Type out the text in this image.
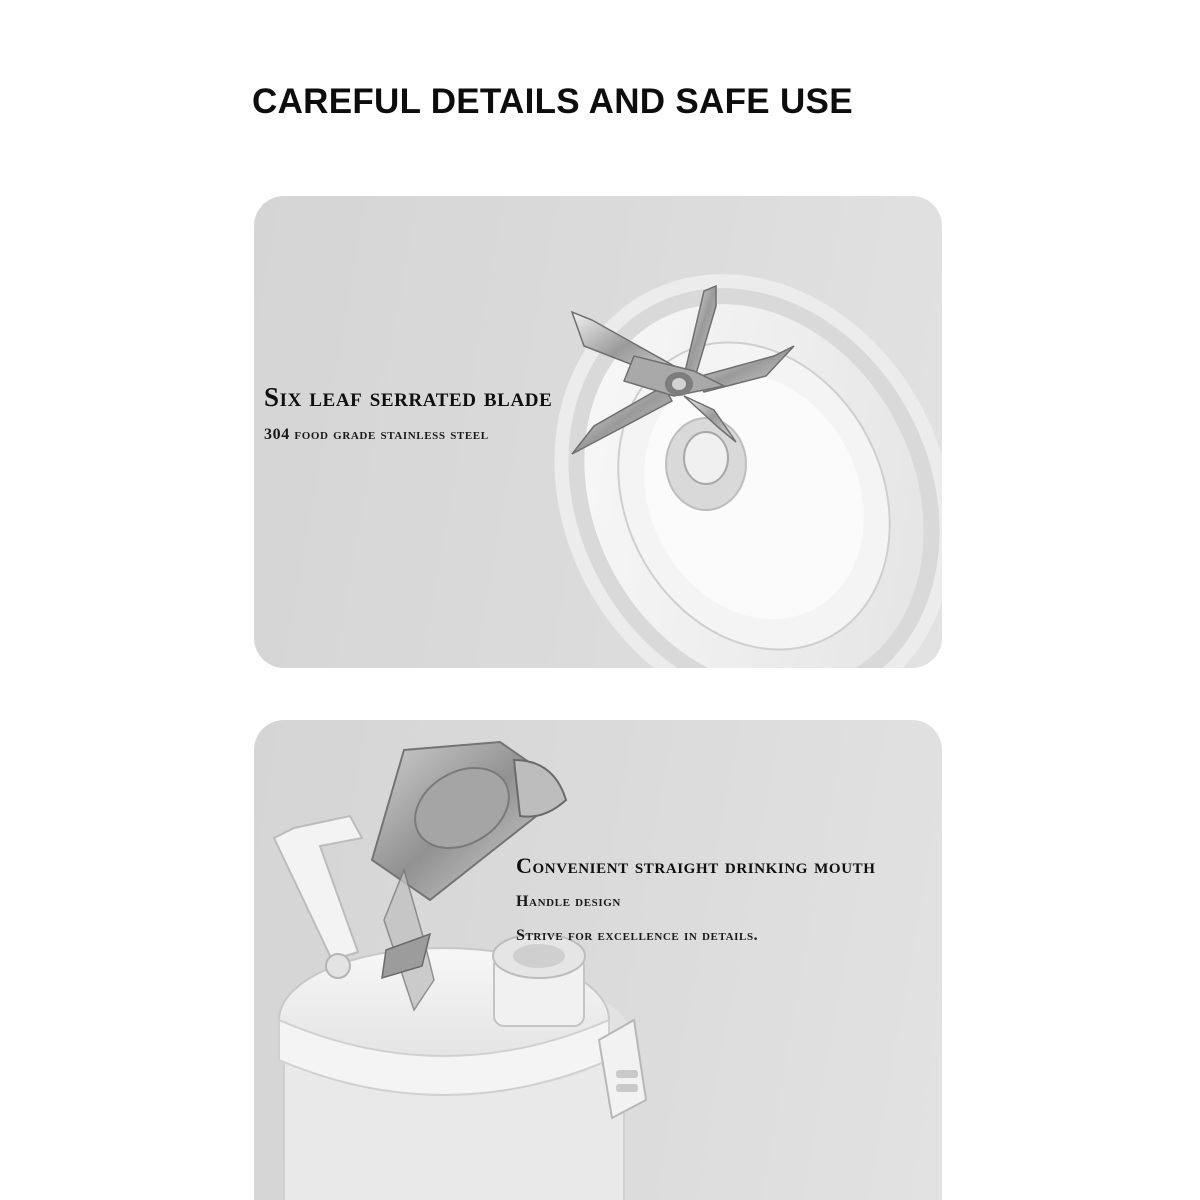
CAREFUL DETAILS AND SAFE USE

Six leaf serrated blade

304 food grade stainless steel

Convenient straight drinking mouth

Handle design

Strive for excellence in details.
